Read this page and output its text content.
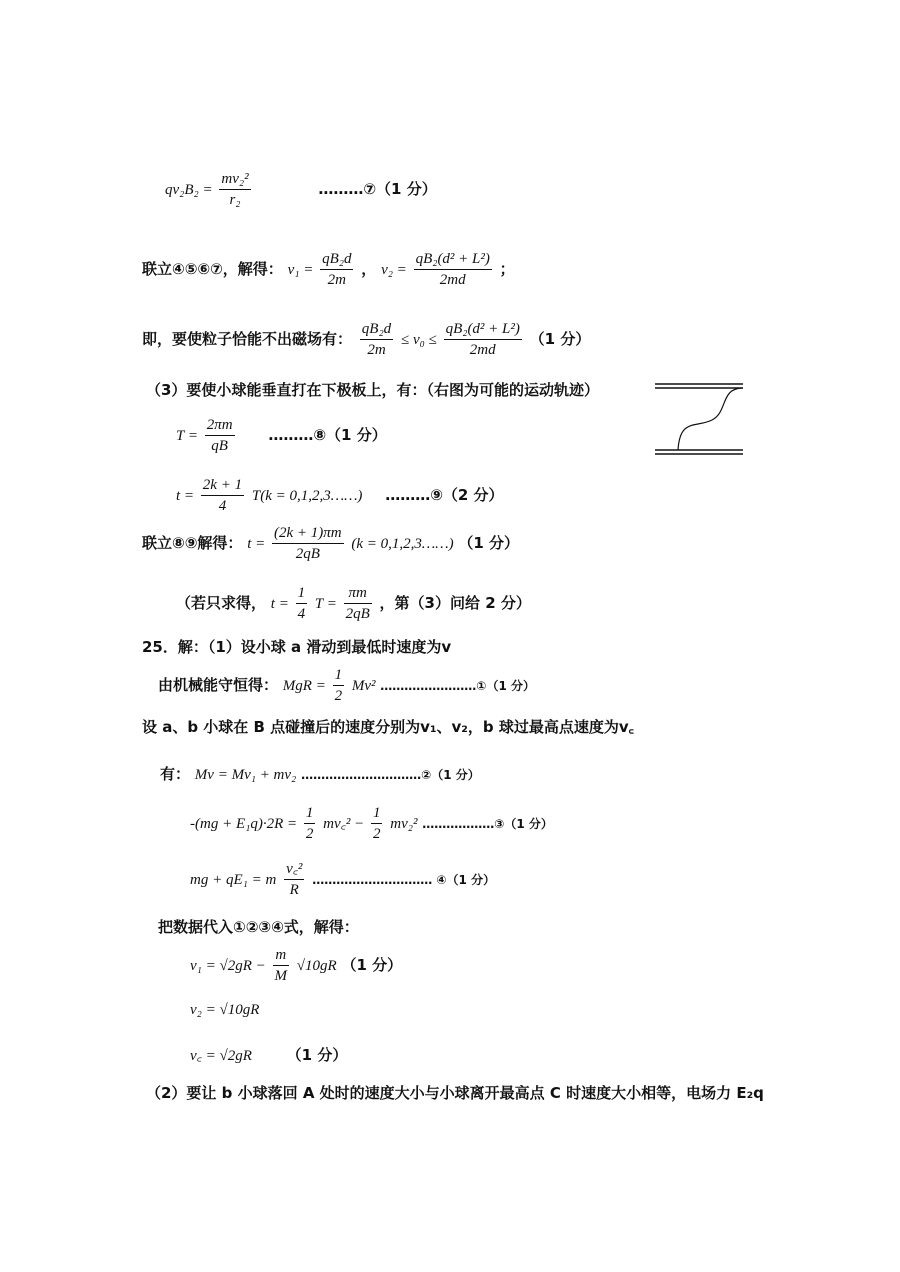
$qv_2B_2 = \frac{\text{mv₂²}}{\text{r₂}}$	………⑦（1 分）
联立④⑤⑥⑦，解得： $v_1 = \frac{\text{qB₂d}}{2m}$ ， $v_2 = \frac{\text{qB₂(d² + L²)}}{2md}$ ；
即，要使粒子恰能不出磁场有： $\frac{\text{qB₂d}}{2m} \le v_0 \le \frac{\text{qB₂(d² + L²)}}{2md} (1$ 分）
（3）要使小球能垂直打在下极板上，有：（右图为可能的运动轨迹）
$T = \frac{2\pi m}{qB}$ ………⑧（1 分）
$t = \frac{2k + 1}{4} T(k$ = 0,1,2,3……) ………⑨（2 分）
联立⑧⑨解得： $t = \frac{(2k + 1)\pi m}{2qB} (k$ = 0,1,2,3……) （1 分）
（若只求得， $t = \frac{1}{4}$ $T = \frac{\pi m}{2qB}$ ，第（3）问给 2 分）
25．解：（1）设小球 a 滑动到最低时速度为v
由机械能守恒得： MgR = $\frac{1}{2} Mv^2$ ……………………①（1 分）
设 a、b 小球在 B 点碰撞后的速度分别为v₁、v₂，b 球过最高点速度为v꜀
有： Mv = Mv₁ + mv₂ …………………………②（1 分）
$-(mg + E_1q)\cdot 2R = \frac{1}{2}$ mv꜀² − $\frac{1}{2} mv_2^2$ ………………③（1 分）
mg + qE₁ = m $\frac{\text{v꜀²}}{R}$ ………………………… ④（1 分）
把数据代入①②③④式，解得：
$v_1 = √2gR - \frac{m}{M} √10gR$ （1 分）
v₂ = √10gR
v꜀ = √2gR （1 分）
（2）要让 b 小球落回 A 处时的速度大小与小球离开最高点 C 时速度大小相等，电场力 E₂q
